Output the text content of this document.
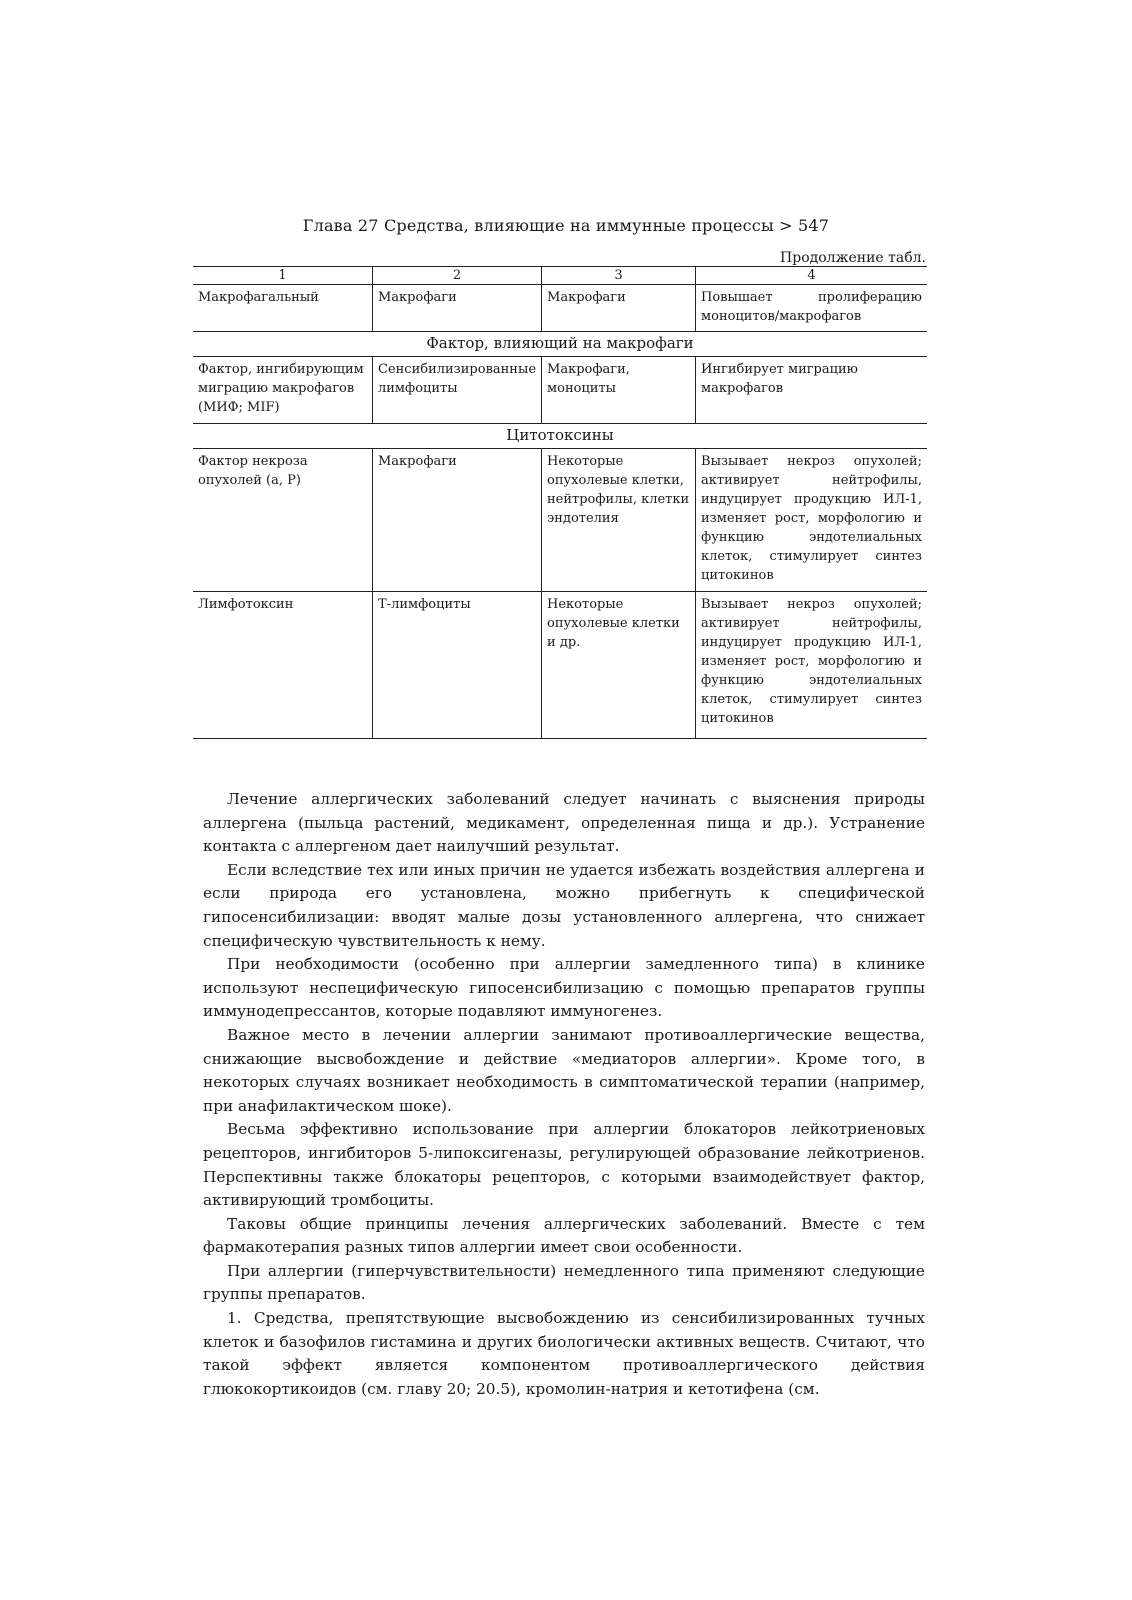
Глава 27 Средства, влияющие на иммунные процессы > 547
Продолжение табл.
1	2	3	4
Макрофагальный	Макрофаги	Макрофаги	Повышает пролиферацию моноцитов/макрофагов
Фактор, влияющий на макрофаги			
Фактор, ингибирующим миграцию макрофагов (МИФ; MIF)	Сенсибилизированные лимфоциты	Макрофаги, моноциты	Ингибирует миграцию макрофагов
Цитотоксины			
Фактор некроза опухолей (а, Р)	Макрофаги	Некоторые опухолевые клетки, нейтрофилы, клетки эндотелия	Вызывает некроз опухолей; активирует нейтрофилы, индуцирует продукцию ИЛ-1, изменяет рост, морфологию и функцию эндотелиальных клеток, стимулирует синтез цитокинов
Лимфотоксин	Т-лимфоциты	Некоторые опухолевые клетки и др.	Вызывает некроз опухолей; активирует нейтрофилы, индуцирует продукцию ИЛ-1, изменяет рост, морфологию и функцию эндотелиальных клеток, стимулирует синтез цитокинов

Лечение аллергических заболеваний следует начинать с выяснения природы аллергена (пыльца растений, медикамент, определенная пища и др.). Устранение контакта с аллергеном дает наилучший результат.

Если вследствие тех или иных причин не удается избежать воздействия аллергена и если природа его установлена, можно прибегнуть к специфической гипосенсибилизации: вводят малые дозы установленного аллергена, что снижает специфическую чувствительность к нему.

При необходимости (особенно при аллергии замедленного типа) в клинике используют неспецифическую гипосенсибилизацию с помощью препаратов группы иммунодепрессантов, которые подавляют иммуногенез.

Важное место в лечении аллергии занимают противоаллергические вещества, снижающие высвобождение и действие «медиаторов аллергии». Кроме того, в некоторых случаях возникает необходимость в симптоматической терапии (например, при анафилактическом шоке).

Весьма эффективно использование при аллергии блокаторов лейкотриеновых рецепторов, ингибиторов 5-липоксигеназы, регулирующей образование лейкотриенов. Перспективны также блокаторы рецепторов, с которыми взаимодействует фактор, активирующий тромбоциты.

Таковы общие принципы лечения аллергических заболеваний. Вместе с тем фармакотерапия разных типов аллергии имеет свои особенности.

При аллергии (гиперчувствительности) немедленного типа применяют следующие группы препаратов.

1. Средства, препятствующие высвобождению из сенсибилизированных тучных клеток и базофилов гистамина и других биологически активных веществ. Считают, что такой эффект является компонентом противоаллергического действия глюкокортикоидов (см. главу 20; 20.5), кромолин-натрия и кетотифена (см.
